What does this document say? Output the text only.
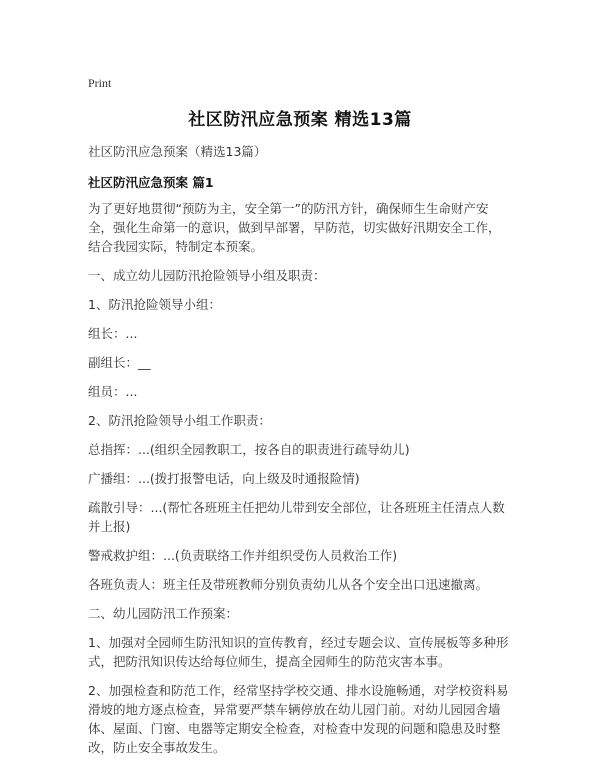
Print
社区防汛应急预案 精选13篇

社区防汛应急预案（精选13篇）

社区防汛应急预案 篇1

为了更好地贯彻“预防为主，安全第一”的防汛方针，确保师生生命财产安全，强化生命第一的意识，做到早部署，早防范，切实做好汛期安全工作，结合我园实际，特制定本预案。

一、成立幼儿园防汛抢险领导小组及职责：

1、防汛抢险领导小组：

组长：...

副组长：__

组员：...

2、防汛抢险领导小组工作职责：

总指挥：...(组织全园教职工，按各自的职责进行疏导幼儿)

广播组：...(拨打报警电话，向上级及时通报险情)

疏散引导：...(帮忙各班班主任把幼儿带到安全部位，让各班班主任清点人数并上报)

警戒救护组：...(负责联络工作并组织受伤人员救治工作)

各班负责人：班主任及带班教师分别负责幼儿从各个安全出口迅速撤离。

二、幼儿园防汛工作预案：

1、加强对全园师生防汛知识的宣传教育，经过专题会议、宣传展板等多种形式，把防汛知识传达给每位师生，提高全园师生的防范灾害本事。

2、加强检查和防范工作，经常坚持学校交通、排水设施畅通，对学校资料易滑坡的地方逐点检查，异常要严禁车辆停放在幼儿园门前。对幼儿园园舍墙体、屋面、门窗、电器等定期安全检查，对检查中发现的问题和隐患及时整改，防止安全事故发生。
